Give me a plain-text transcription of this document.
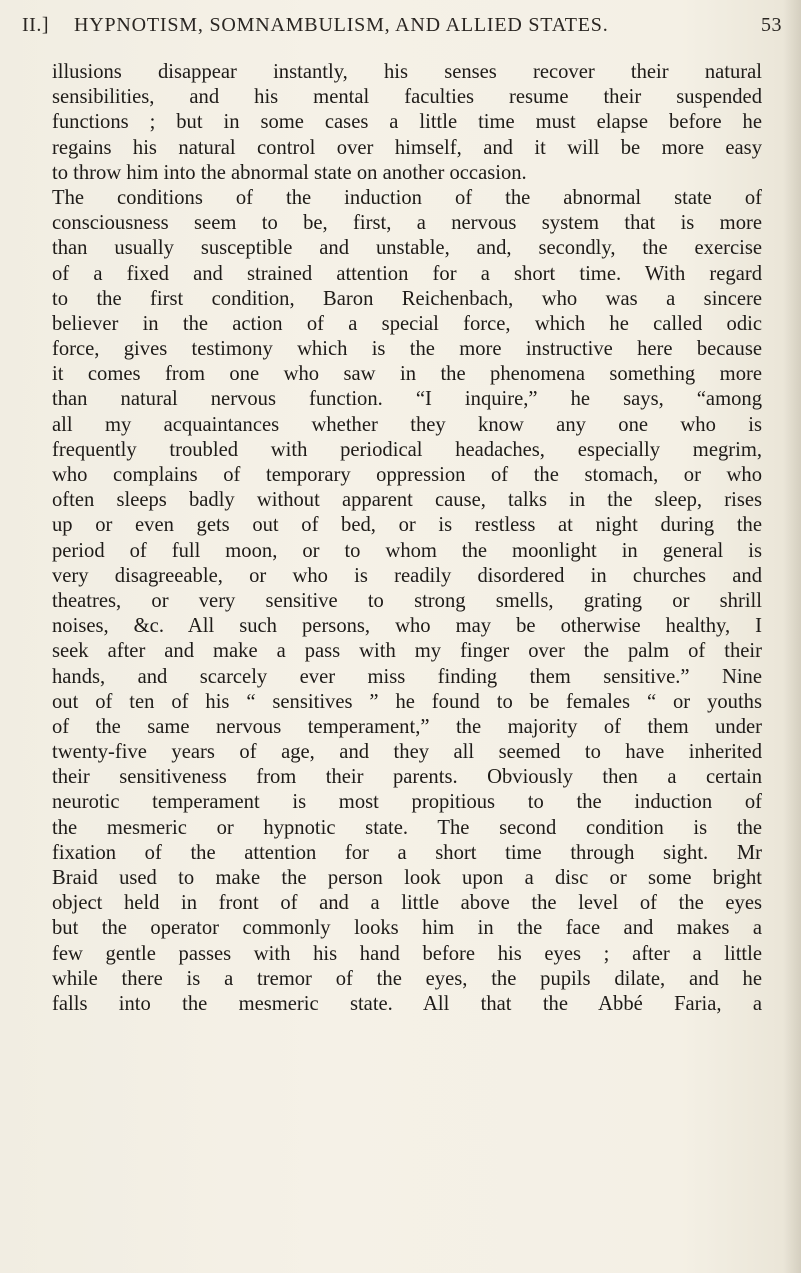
II.] HYPNOTISM, SOMNAMBULISM, AND ALLIED STATES.	53
illusions disappear instantly, his senses recover their natural
sensibilities, and his mental faculties resume their suspended
functions ; but in some cases a little time must elapse before he
regains his natural control over himself, and it will be more easy
to throw him into the abnormal state on another occasion.
The conditions of the induction of the abnormal state of
consciousness seem to be, first, a nervous system that is more
than usually susceptible and unstable, and, secondly, the exercise
of a fixed and strained attention for a short time. With regard
to the first condition, Baron Reichenbach, who was a sincere
believer in the action of a special force, which he called odic
force, gives testimony which is the more instructive here because
it comes from one who saw in the phenomena something more
than natural nervous function. “I inquire,” he says, “among
all my acquaintances whether they know any one who is
frequently troubled with periodical headaches, especially megrim,
who complains of temporary oppression of the stomach, or who
often sleeps badly without apparent cause, talks in the sleep, rises
up or even gets out of bed, or is restless at night during the
period of full moon, or to whom the moonlight in general is
very disagreeable, or who is readily disordered in churches and
theatres, or very sensitive to strong smells, grating or shrill
noises, &c. All such persons, who may be otherwise healthy, I
seek after and make a pass with my finger over the palm of their
hands, and scarcely ever miss finding them sensitive.” Nine
out of ten of his “ sensitives ” he found to be females “ or youths
of the same nervous temperament,” the majority of them under
twenty-five years of age, and they all seemed to have inherited
their sensitiveness from their parents. Obviously then a certain
neurotic temperament is most propitious to the induction of
the mesmeric or hypnotic state. The second condition is the
fixation of the attention for a short time through sight. Mr
Braid used to make the person look upon a disc or some bright
object held in front of and a little above the level of the eyes
but the operator commonly looks him in the face and makes a
few gentle passes with his hand before his eyes ; after a little
while there is a tremor of the eyes, the pupils dilate, and he
falls into the mesmeric state. All that the Abbé Faria, a
